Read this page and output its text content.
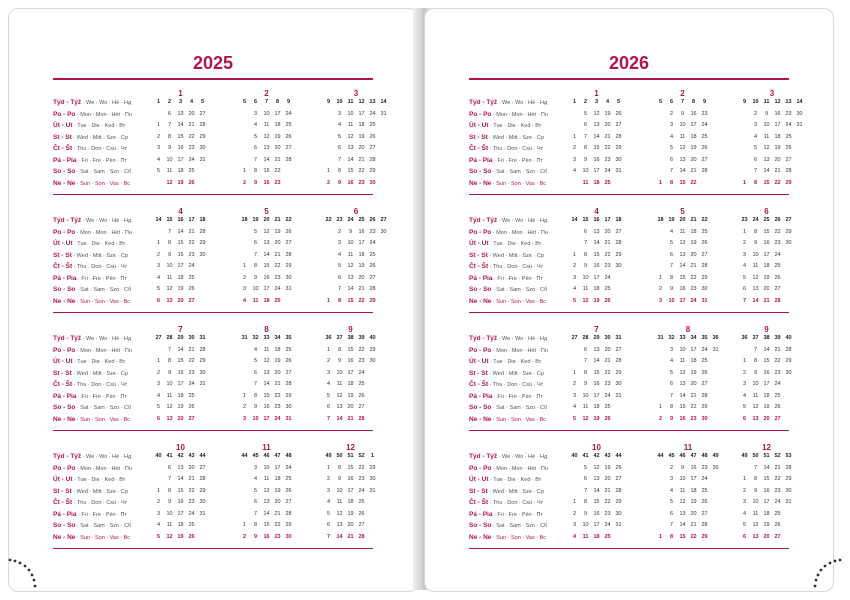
2025
Týd - Týž · We · Wo · Hé · Нд
Po - Po · Mon · Mon · Hét · Пн
Út - Ut · Tue · Die · Ked · Вт
St - St · Wed · Mitt · Sze · Ср
Čt - Št · Thu · Don · Csü · Чт
Pá - Pia · Fri · Fre · Pén · Пт
So - So · Sat · Sam · Szo · Сб
Ne - Ne · Sun · Son · Vas · Вс
1
1
1
2
3
4
5
2
6
7
8
9
10
11
12
3
13
14
15
16
17
18
19
4
20
21
22
23
24
25
26
5
27
28
29
30
31
2
5
1
2
6
3
4
5
6
7
8
9
7
10
11
12
13
14
15
16
8
17
18
19
20
21
22
23
9
24
25
26
27
28
3
9
1
2
10
3
4
5
6
7
8
9
11
10
11
12
13
14
15
16
12
17
18
19
20
21
22
23
13
24
25
26
27
28
29
30
14
31
Týd - Týž · We · Wo · Hé · Нд
Po - Po · Mon · Mon · Hét · Пн
Út - Ut · Tue · Die · Ked · Вт
St - St · Wed · Mitt · Sze · Ср
Čt - Št · Thu · Don · Csü · Чт
Pá - Pia · Fri · Fre · Pén · Пт
So - So · Sat · Sam · Szo · Сб
Ne - Ne · Sun · Son · Vas · Вс
4
14
1
2
3
4
5
6
15
7
8
9
10
11
12
13
16
14
15
16
17
18
19
20
17
21
22
23
24
25
26
27
18
28
29
30
5
18
1
2
3
4
19
5
6
7
8
9
10
11
20
12
13
14
15
16
17
18
21
19
20
21
22
23
24
25
22
26
27
28
29
30
31
6
22
1
23
2
3
4
5
6
7
8
24
9
10
11
12
13
14
15
25
16
17
18
19
20
21
22
26
23
24
25
26
27
28
29
27
30
Týd - Týž · We · Wo · Hé · Нд
Po - Po · Mon · Mon · Hét · Пн
Út - Ut · Tue · Die · Ked · Вт
St - St · Wed · Mitt · Sze · Ср
Čt - Št · Thu · Don · Csü · Чт
Pá - Pia · Fri · Fre · Pén · Пт
So - So · Sat · Sam · Szo · Сб
Ne - Ne · Sun · Son · Vas · Вс
7
27
1
2
3
4
5
6
28
7
8
9
10
11
12
13
29
14
15
16
17
18
19
20
30
21
22
23
24
25
26
27
31
28
29
30
31
8
31
1
2
3
32
4
5
6
7
8
9
10
33
11
12
13
14
15
16
17
34
18
19
20
21
22
23
24
35
25
26
27
28
29
30
31
9
36
1
2
3
4
5
6
7
37
8
9
10
11
12
13
14
38
15
16
17
18
19
20
21
39
22
23
24
25
26
27
28
40
29
30
Týd - Týž · We · Wo · Hé · Нд
Po - Po · Mon · Mon · Hét · Пн
Út - Ut · Tue · Die · Ked · Вт
St - St · Wed · Mitt · Sze · Ср
Čt - Št · Thu · Don · Csü · Чт
Pá - Pia · Fri · Fre · Pén · Пт
So - So · Sat · Sam · Szo · Сб
Ne - Ne · Sun · Son · Vas · Вс
10
40
1
2
3
4
5
41
6
7
8
9
10
11
12
42
13
14
15
16
17
18
19
43
20
21
22
23
24
25
26
44
27
28
29
30
31
11
44
1
2
45
3
4
5
6
7
8
9
46
10
11
12
13
14
15
16
47
17
18
19
20
21
22
23
48
24
25
26
27
28
29
30
12
49
1
2
3
4
5
6
7
50
8
9
10
11
12
13
14
51
15
16
17
18
19
20
21
52
22
23
24
25
26
27
28
1
29
30
31
2026
Týd - Týž · We · Wo · Hé · Нд
Po - Po · Mon · Mon · Hét · Пн
Út - Ut · Tue · Die · Ked · Вт
St - St · Wed · Mitt · Sze · Ср
Čt - Št · Thu · Don · Csü · Чт
Pá - Pia · Fri · Fre · Pén · Пт
So - So · Sat · Sam · Szo · Сб
Ne - Ne · Sun · Son · Vas · Вс
1
1
1
2
3
4
2
5
6
7
8
9
10
11
3
12
13
14
15
16
17
18
4
19
20
21
22
23
24
25
5
26
27
28
29
30
31
2
5
1
6
2
3
4
5
6
7
8
7
9
10
11
12
13
14
15
8
16
17
18
19
20
21
22
9
23
24
25
26
27
28
3
9
1
10
2
3
4
5
6
7
8
11
9
10
11
12
13
14
15
12
16
17
18
19
20
21
22
13
23
24
25
26
27
28
29
14
30
31
Týd - Týž · We · Wo · Hé · Нд
Po - Po · Mon · Mon · Hét · Пн
Út - Ut · Tue · Die · Ked · Вт
St - St · Wed · Mitt · Sze · Ср
Čt - Št · Thu · Don · Csü · Чт
Pá - Pia · Fri · Fre · Pén · Пт
So - So · Sat · Sam · Szo · Сб
Ne - Ne · Sun · Son · Vas · Вс
4
14
1
2
3
4
5
15
6
7
8
9
10
11
12
16
13
14
15
16
17
18
19
17
20
21
22
23
24
25
26
18
27
28
29
30
5
18
1
2
3
19
4
5
6
7
8
9
10
20
11
12
13
14
15
16
17
21
18
19
20
21
22
23
24
22
25
26
27
28
29
30
31
6
23
1
2
3
4
5
6
7
24
8
9
10
11
12
13
14
25
15
16
17
18
19
20
21
26
22
23
24
25
26
27
28
27
29
30
Týd - Týž · We · Wo · Hé · Нд
Po - Po · Mon · Mon · Hét · Пн
Út - Ut · Tue · Die · Ked · Вт
St - St · Wed · Mitt · Sze · Ср
Čt - Št · Thu · Don · Csü · Чт
Pá - Pia · Fri · Fre · Pén · Пт
So - So · Sat · Sam · Szo · Сб
Ne - Ne · Sun · Son · Vas · Вс
7
27
1
2
3
4
5
28
6
7
8
9
10
11
12
29
13
14
15
16
17
18
19
30
20
21
22
23
24
25
26
31
27
28
29
30
31
8
31
1
2
32
3
4
5
6
7
8
9
33
10
11
12
13
14
15
16
34
17
18
19
20
21
22
23
35
24
25
26
27
28
29
30
36
31
9
36
1
2
3
4
5
6
37
7
8
9
10
11
12
13
38
14
15
16
17
18
19
20
39
21
22
23
24
25
26
27
40
28
29
30
Týd - Týž · We · Wo · Hé · Нд
Po - Po · Mon · Mon · Hét · Пн
Út - Ut · Tue · Die · Ked · Вт
St - St · Wed · Mitt · Sze · Ср
Čt - Št · Thu · Don · Csü · Чт
Pá - Pia · Fri · Fre · Pén · Пт
So - So · Sat · Sam · Szo · Сб
Ne - Ne · Sun · Son · Vas · Вс
10
40
1
2
3
4
41
5
6
7
8
9
10
11
42
12
13
14
15
16
17
18
43
19
20
21
22
23
24
25
44
26
27
28
29
30
31
11
44
1
45
2
3
4
5
6
7
8
46
9
10
11
12
13
14
15
47
16
17
18
19
20
21
22
48
23
24
25
26
27
28
29
49
30
12
49
1
2
3
4
5
6
50
7
8
9
10
11
12
13
51
14
15
16
17
18
19
20
52
21
22
23
24
25
26
27
53
28
29
30
31
